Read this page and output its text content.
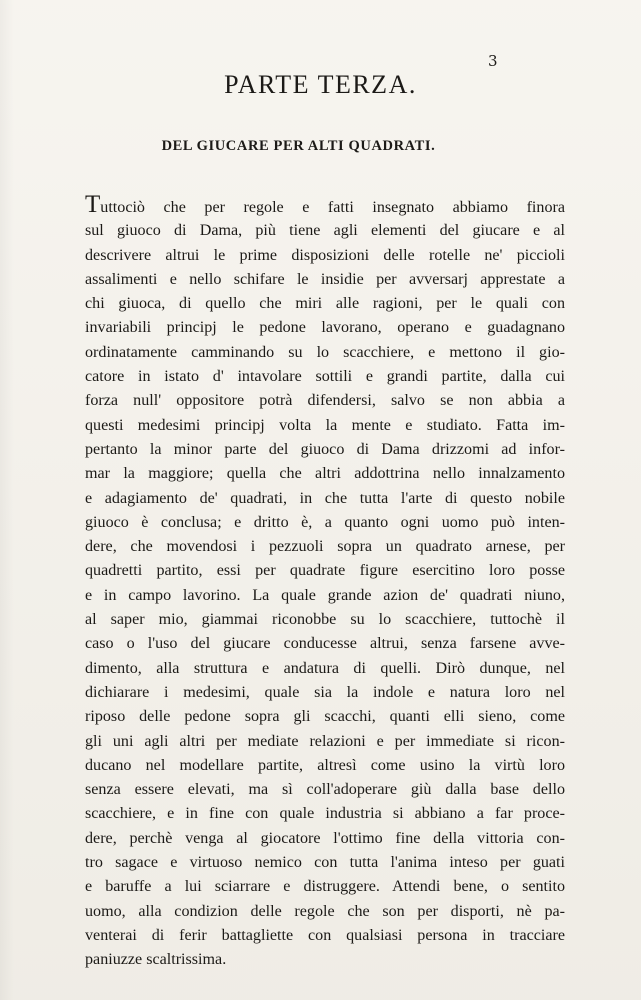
3
PARTE TERZA.
DEL GIUCARE PER ALTI QUADRATI.
Tuttociò che per regole e fatti insegnato abbiamo finora
sul giuoco di Dama, più tiene agli elementi del giucare e al
descrivere altrui le prime disposizioni delle rotelle ne' piccioli
assalimenti e nello schifare le insidie per avversarj apprestate a
chi giuoca, di quello che miri alle ragioni, per le quali con
invariabili principj le pedone lavorano, operano e guadagnano
ordinatamente camminando su lo scacchiere, e mettono il gio-
catore in istato d' intavolare sottili e grandi partite, dalla cui
forza null' oppositore potrà difendersi, salvo se non abbia a
questi medesimi principj volta la mente e studiato. Fatta im-
pertanto la minor parte del giuoco di Dama drizzomi ad infor-
mar la maggiore; quella che altri addottrina nello innalzamento
e adagiamento de' quadrati, in che tutta l'arte di questo nobile
giuoco è conclusa; e dritto è, a quanto ogni uomo può inten-
dere, che movendosi i pezzuoli sopra un quadrato arnese, per
quadretti partito, essi per quadrate figure esercitino loro posse
e in campo lavorino. La quale grande azion de' quadrati niuno,
al saper mio, giammai riconobbe su lo scacchiere, tuttochè il
caso o l'uso del giucare conducesse altrui, senza farsene avve-
dimento, alla struttura e andatura di quelli. Dirò dunque, nel
dichiarare i medesimi, quale sia la indole e natura loro nel
riposo delle pedone sopra gli scacchi, quanti elli sieno, come
gli uni agli altri per mediate relazioni e per immediate si ricon-
ducano nel modellare partite, altresì come usino la virtù loro
senza essere elevati, ma sì coll'adoperare giù dalla base dello
scacchiere, e in fine con quale industria si abbiano a far proce-
dere, perchè venga al giocatore l'ottimo fine della vittoria con-
tro sagace e virtuoso nemico con tutta l'anima inteso per guati
e baruffe a lui sciarrare e distruggere. Attendi bene, o sentito
uomo, alla condizion delle regole che son per disporti, nè pa-
venterai di ferir battagliette con qualsiasi persona in tracciare
paniuzze scaltrissima.
